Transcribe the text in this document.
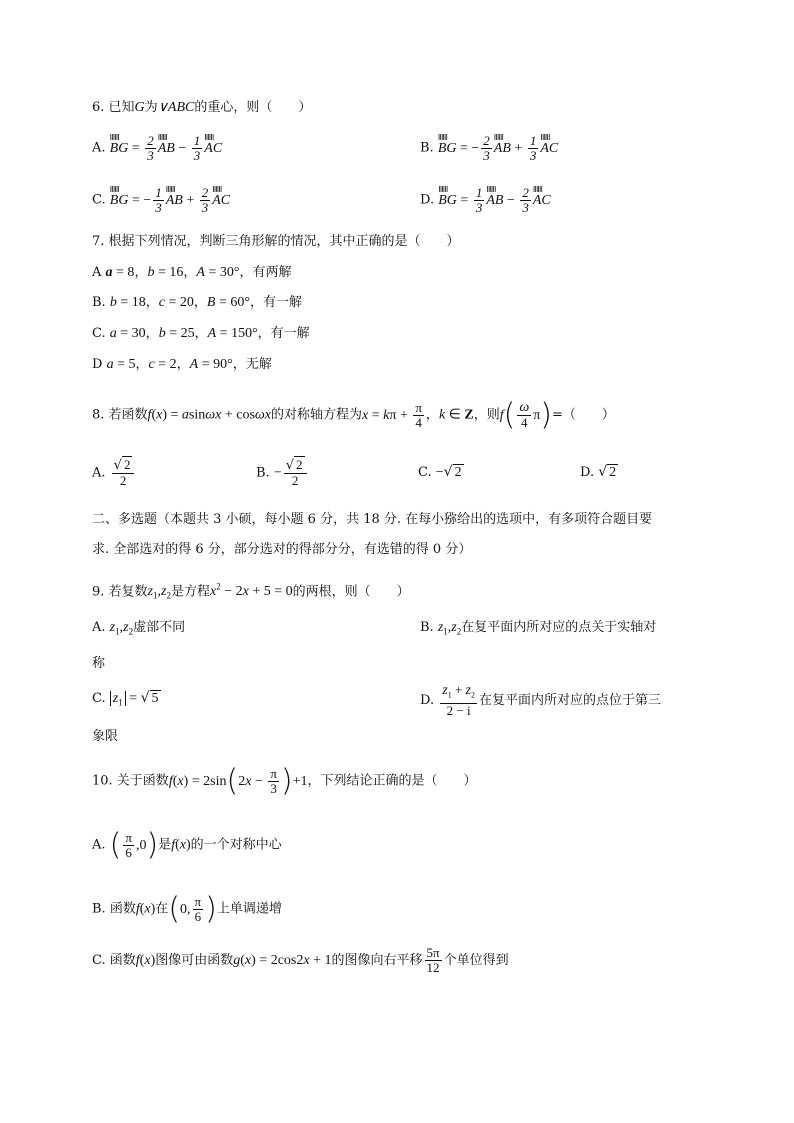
6. 已知G为∨ABC的重心，则（　　）
A. ⅢⅢ BG = $\frac{2}{3}$ ⅢⅢ AB − $\frac{1}{3}$ ⅢⅢ AC	B. ⅢⅢ BG = − $\frac{2}{3}$ ⅢⅢ AB + $\frac{1}{3}$ ⅢⅢ AC
C. ⅢⅢ BG = − $\frac{1}{3}$ ⅢⅢ AB + $\frac{2}{3}$ ⅢⅢ AC	D. ⅢⅢ BG = $\frac{1}{3}$ ⅢⅢ AB − $\frac{2}{3}$ ⅢⅢ AC
7. 根据下列情况，判断三角形解的情况，其中正确的是（　　）
A a = 8，b = 16，A = 30°，有两解
B. b = 18，c = 20，B = 60°，有一解
C. a = 30，b = 25，A = 150°，有一解
D a = 5，c = 2，A = 90°，无解
8. 若函数f(x) = asinωx + cosωx的对称轴方程为$x = k\pi + \frac{\pi}{4}$ ，k ∈ Z，则$f( \frac{\omega}{4} \pi)=$（　　）
A. $\frac{√ 2}{2}$	B. − $\frac{√ 2}{2}$	C. −√ 2	D. √ 2
二、多选题（本题共 3 小硕，每小题 6 分，共 18 分. 在每小猕给出的选项中，有多项符合题目要
求. 全部选对的得 6 分，部分选对的得部分分，有选错的得 0 分）
9. 若复数$z_1,z_2$是方程$x^2 - 2x + 5 = 0$的两根，则（　　）
A. $z_1,z_2$虚部不同	B. $z_1,z_2$在复平面内所对应的点关于实轴对
称
C. $z_1$ = √ 5	D. $\frac{z_1 + z_2}{2 - i}$ 在复平面内所对应的点位于第三
象限
10. 关于函数$f(x) = 2\sin(2x - \frac{\pi}{3} )+1$，下列结论正确的是（　　）
A. ( $\frac{\pi}{6} ,0$)是f(x)的一个对称中心
B. 函数f(x)在(0, $\frac{\pi}{6}$ )上单调递增
C. 函数f(x)图像可由函数g(x) = 2cos2x + 1的图像向右平移 $\frac{5\pi}{12}$ 个单位得到
